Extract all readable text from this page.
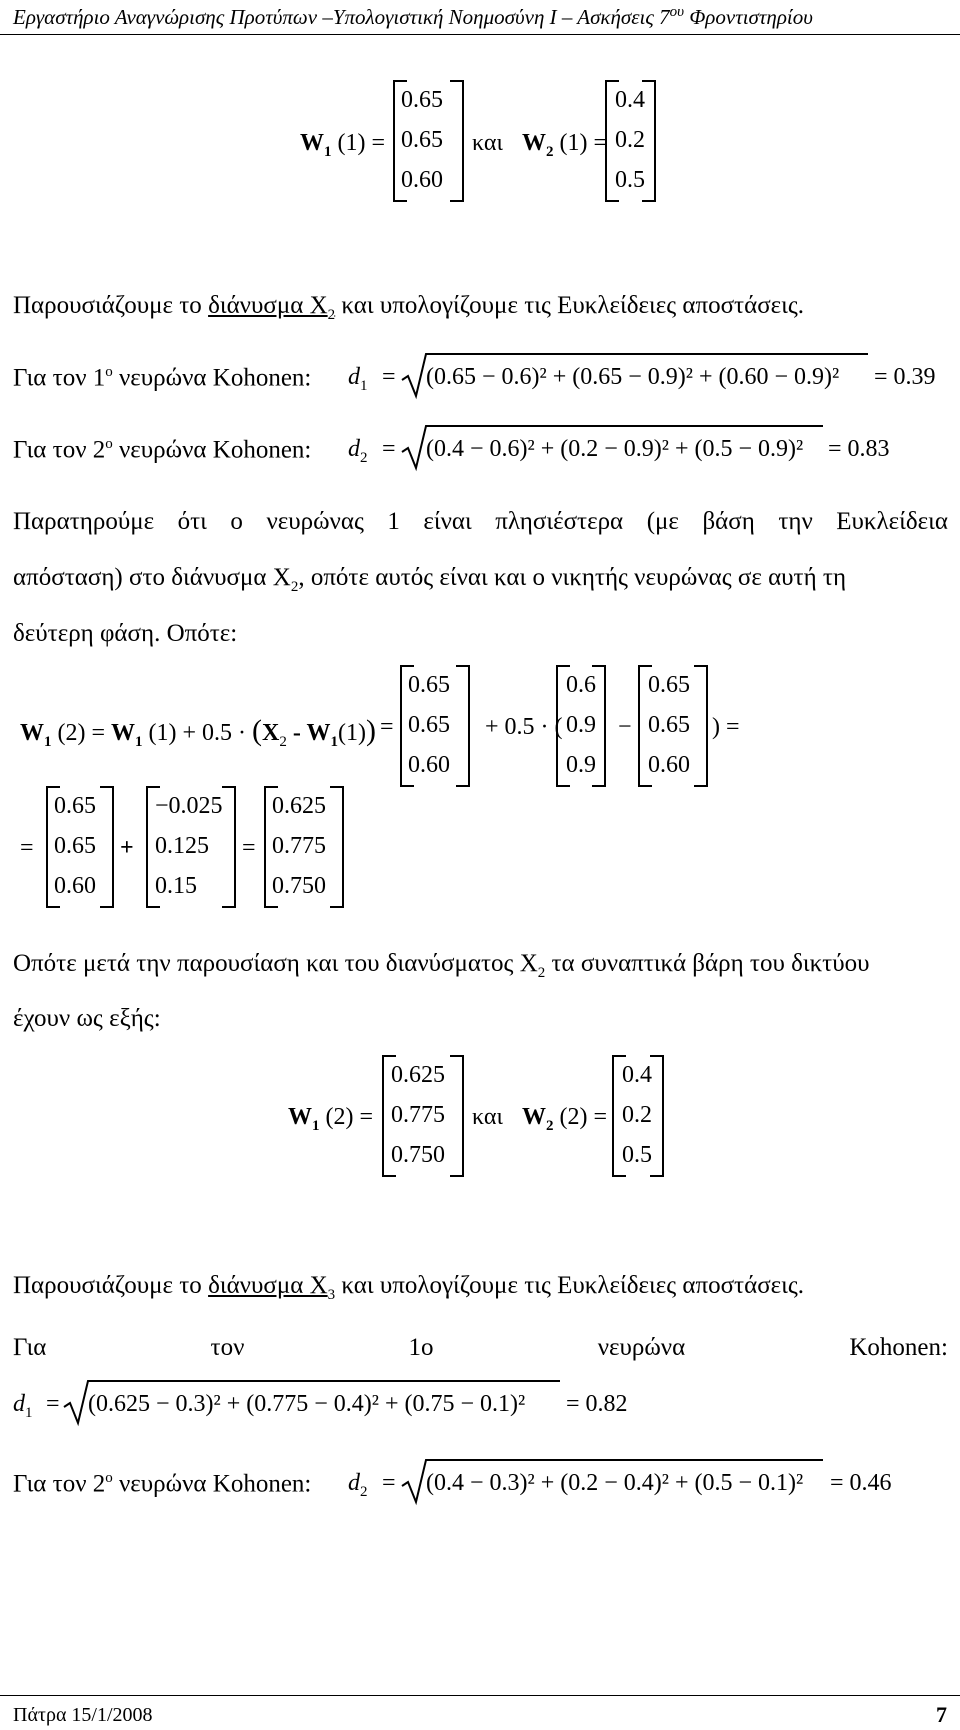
Εργαστήριο Αναγνώρισης Προτύπων –Υπολογιστική Νοημοσύνη Ι – Ασκήσεις $7^{o\upsilon}$ Φροντιστηρίου
$W_1$ (1) =
0.65
0.65
0.60
και $W_2$ (1) =
0.4
0.2
0.5
Παρουσιάζουμε το διάνυσμα $X_2$ και υπολογίζουμε τις Ευκλείδειες αποστάσεις.
Για τον $1^o$ νευρώνα Kohonen: $d_1 = (0.65 - 0.6)^2 + (0.65 - 0.9)^2 + (0.60 - 0.9)^2 = 0.39$
Για τον $2^o$ νευρώνα Kohonen: $d_2 = (0.4 - 0.6)^2 + (0.2 - 0.9)^2 + (0.5 - 0.9)^2 = 0.83$
Παρατηρούμε ότι ο νευρώνας 1 είναι πλησιέστερα (με βάση την Ευκλείδεια
απόσταση) στο διάνυσμα $X_2$, οπότε αυτός είναι και ο νικητής νευρώνας σε αυτή τη
δεύτερη φάση. Οπότε:
$W_1$ $(2) = W_1$ $(1) + 0.5 \cdot (X_2 - W_1(1))$ =
0.65
0.65
0.60
+ 0.5 · (
0.6
0.9
0.9
−
0.65
0.65
0.60
) =
=
0.65
0.65
0.60
+
−0.025
0.125
0.15
=
0.625
0.775
0.750
Οπότε μετά την παρουσίαση και του διανύσματος $X_2$ τα συναπτικά βάρη του δικτύου
έχουν ως εξής:
$W_1$ (2) =
0.625
0.775
0.750
και $W_2$ (2) =
0.4
0.2
0.5
Παρουσιάζουμε το διάνυσμα $X_3$ και υπολογίζουμε τις Ευκλείδειες αποστάσεις.
Για	τον	1ο	νευρώνα	Kohonen:
$d_1 = (0.625 - 0.3)^2 + (0.775 - 0.4)^2 + (0.75 - 0.1)^2 = 0.82$
Για τον $2^o$ νευρώνα Kohonen: $d_2 = (0.4 - 0.3)^2 + (0.2 - 0.4)^2 + (0.5 - 0.1)^2 = 0.46$
Πάτρα 15/1/2008	7
